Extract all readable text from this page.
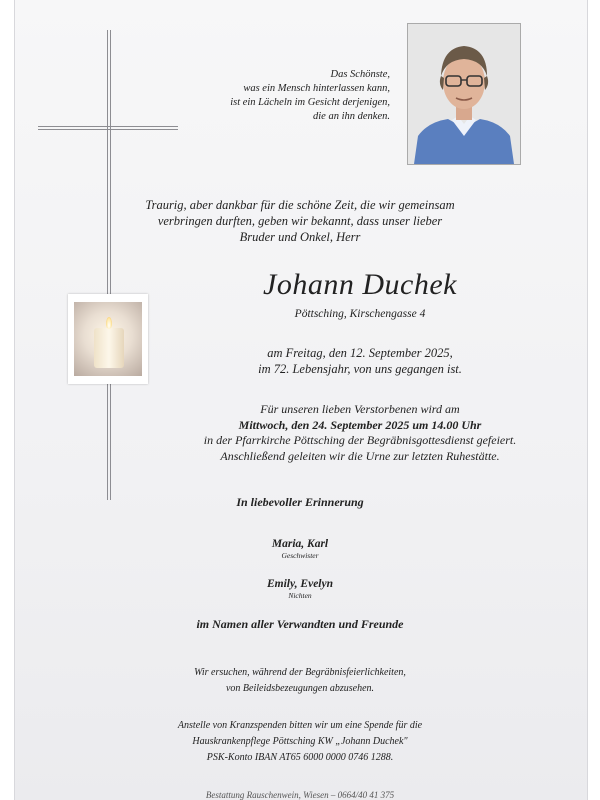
Das Schönste,
was ein Mensch hinterlassen kann,
ist ein Lächeln im Gesicht derjenigen,
die an ihn denken.
Traurig, aber dankbar für die schöne Zeit, die wir gemeinsam
verbringen durften, geben wir bekannt, dass unser lieber
Bruder und Onkel, Herr
Johann Duchek
Pöttsching, Kirschengasse 4
am Freitag, den 12. September 2025,
im 72. Lebensjahr, von uns gegangen ist.
Für unseren lieben Verstorbenen wird am
Mittwoch, den 24. September 2025 um 14.00 Uhr
in der Pfarrkirche Pöttsching der Begräbnisgottesdienst gefeiert.
Anschließend geleiten wir die Urne zur letzten Ruhestätte.
In liebevoller Erinnerung
Maria, Karl
Geschwister
Emily, Evelyn
Nichten
im Namen aller Verwandten und Freunde
Wir ersuchen, während der Begräbnisfeierlichkeiten,
von Beileidsbezeugungen abzusehen.
Anstelle von Kranzspenden bitten wir um eine Spende für die
Hauskrankenpflege Pöttsching KW „Johann Duchek"
PSK-Konto IBAN AT65 6000 0000 0746 1288.
Bestattung Rauschenwein, Wiesen – 0664/40 41 375
